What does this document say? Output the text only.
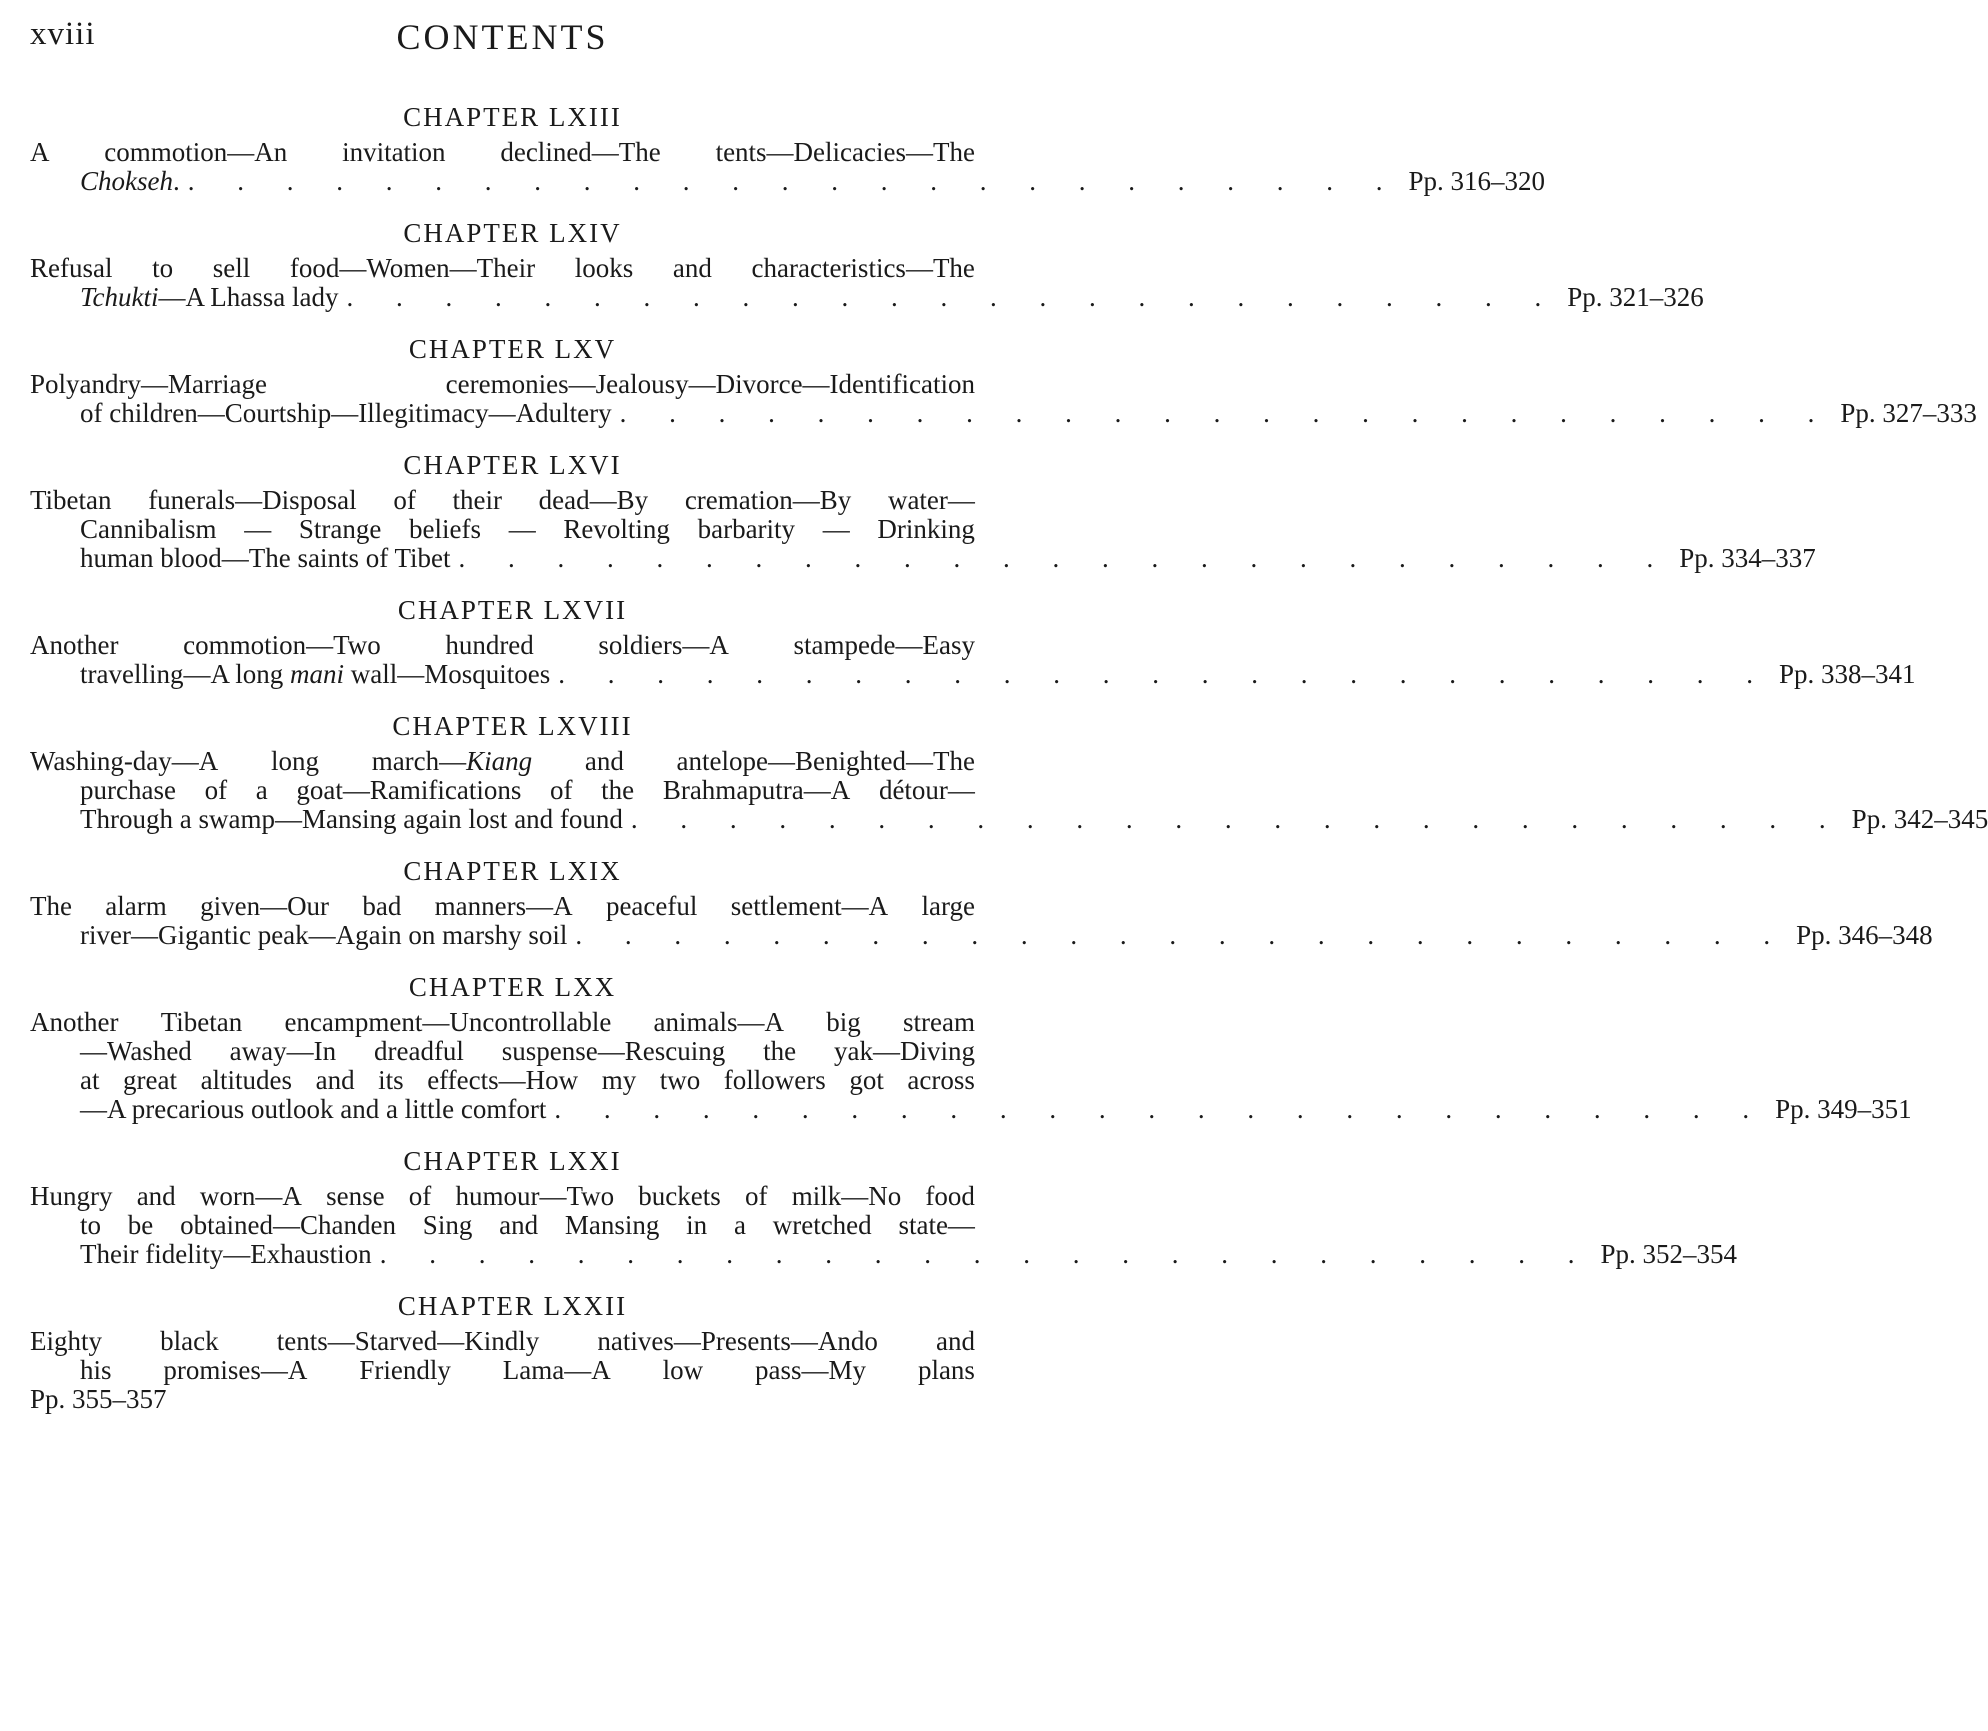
xviii	CONTENTS
CHAPTER LXIII
A commotion—An invitation declined—The tents—Delicacies—The
Chokseh. . . . . . . . . . . . . . . . . . . . . . . . . . Pp. 316–320
CHAPTER LXIV
Refusal to sell food—Women—Their looks and characteristics—The
Tchukti—A Lhassa lady . . . . . . . . . . . . . . . . . . . . . . . . . Pp. 321–326
CHAPTER LXV
Polyandry—Marriage	ceremonies—Jealousy—Divorce—Identification
of children—Courtship—Illegitimacy—Adultery . . . . . . . . . . . . . . . . . . . . . . . . . Pp. 327–333
CHAPTER LXVI
Tibetan funerals—Disposal of their dead—By cremation—By water—
Cannibalism — Strange beliefs — Revolting barbarity — Drinking
human blood—The saints of Tibet . . . . . . . . . . . . . . . . . . . . . . . . . Pp. 334–337
CHAPTER LXVII
Another commotion—Two hundred soldiers—A stampede—Easy
travelling—A long mani wall—Mosquitoes . . . . . . . . . . . . . . . . . . . . . . . . . Pp. 338–341
CHAPTER LXVIII
Washing-day—A long march—Kiang and antelope—Benighted—The
purchase of a goat—Ramifications of the Brahmaputra—A détour—
Through a swamp—Mansing again lost and found . . . . . . . . . . . . . . . . . . . . . . . . . Pp. 342–345
CHAPTER LXIX
The alarm given—Our bad manners—A peaceful settlement—A large
river—Gigantic peak—Again on marshy soil . . . . . . . . . . . . . . . . . . . . . . . . . Pp. 346–348
CHAPTER LXX
Another Tibetan encampment—Uncontrollable animals—A big stream
—Washed away—In dreadful suspense—Rescuing the yak—Diving
at great altitudes and its effects—How my two followers got across
—A precarious outlook and a little comfort . . . . . . . . . . . . . . . . . . . . . . . . . Pp. 349–351
CHAPTER LXXI
Hungry and worn—A sense of humour—Two buckets of milk—No food
to be obtained—Chanden Sing and Mansing in a wretched state—
Their fidelity—Exhaustion . . . . . . . . . . . . . . . . . . . . . . . . . Pp. 352–354
CHAPTER LXXII
Eighty black tents—Starved—Kindly natives—Presents—Ando and
his promises—A Friendly Lama—A low pass—My plans
Pp. 355–357
